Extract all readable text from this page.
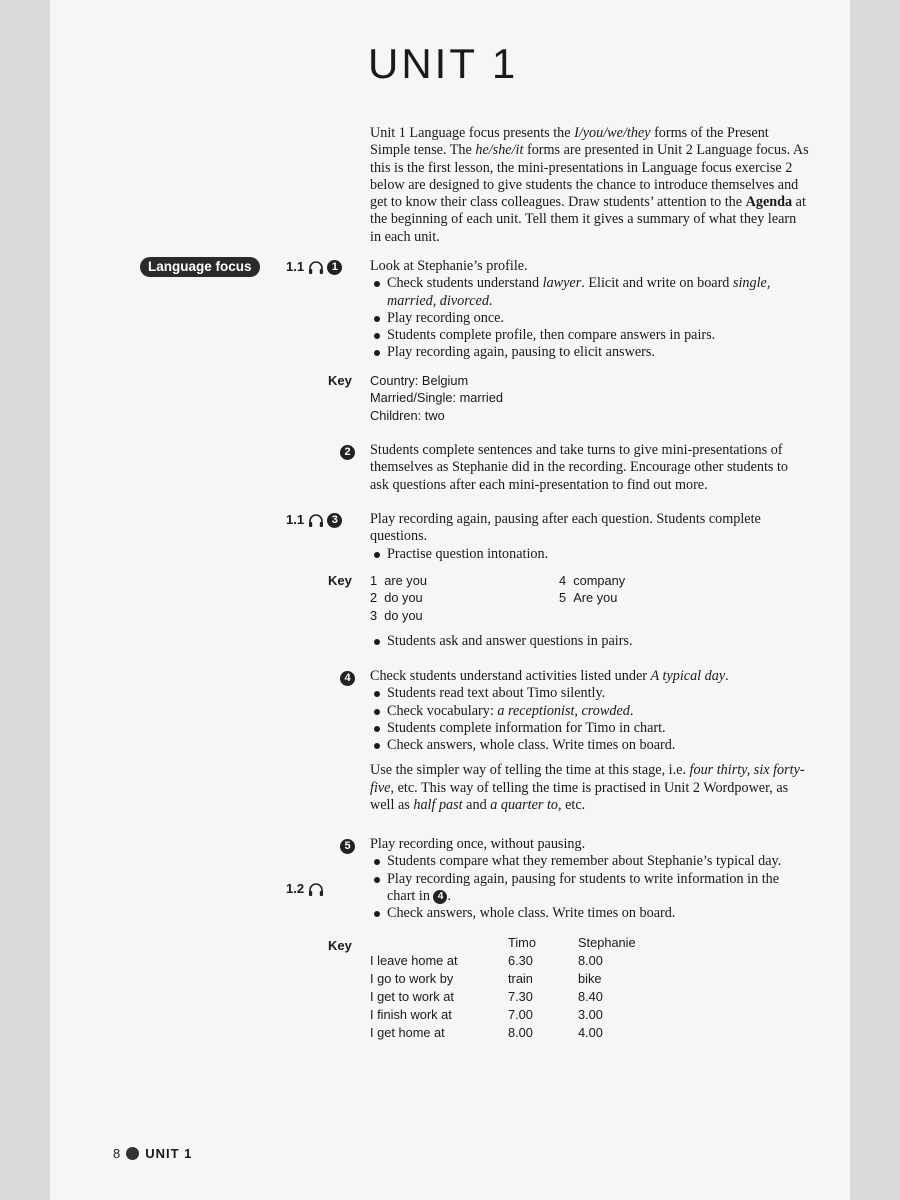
UNIT 1
Unit 1 Language focus presents the I/you/we/they forms of the Present Simple tense. The he/she/it forms are presented in Unit 2 Language focus. As this is the first lesson, the mini-presentations in Language focus exercise 2 below are designed to give students the chance to introduce themselves and get to know their class colleagues. Draw students’ attention to the Agenda at the beginning of each unit. Tell them it gives a summary of what they learn in each unit.
Language focus	1.1	1	Look at Stephanie’s profile.
Check students understand lawyer. Elicit and write on board single, married, divorced.
Play recording once.
Students complete profile, then compare answers in pairs.
Play recording again, pausing to elicit answers.
Key Country: Belgium
Married/Single: married
Children: two
2	Students complete sentences and take turns to give mini-presentations of themselves as Stephanie did in the recording. Encourage other students to ask questions after each mini-presentation to find out more.
1.1	3	Play recording again, pausing after each question. Students complete questions.
Practise question intonation.
Key 1 are you
2 do you
3 do you
4 company
5 Are you
Students ask and answer questions in pairs.
4	Check students understand activities listed under A typical day.
Students read text about Timo silently.
Check vocabulary: a receptionist, crowded.
Students complete information for Timo in chart.
Check answers, whole class. Write times on board.
Use the simpler way of telling the time at this stage, i.e. four thirty, six forty-five, etc. This way of telling the time is practised in Unit 2 Wordpower, as well as half past and a quarter to, etc.
5
1.2
Play recording once, without pausing.
Students compare what they remember about Stephanie’s typical day.
Play recording again, pausing for students to write information in the chart in 4 .
Check answers, whole class. Write times on board.
Key
		Timo	Stephanie
I leave home at	6.30	8.00
I go to work by	train	bike
I get to work at	7.30	8.40
I finish work at	7.00	3.00
I get home at	8.00	4.00
8 UNIT 1
